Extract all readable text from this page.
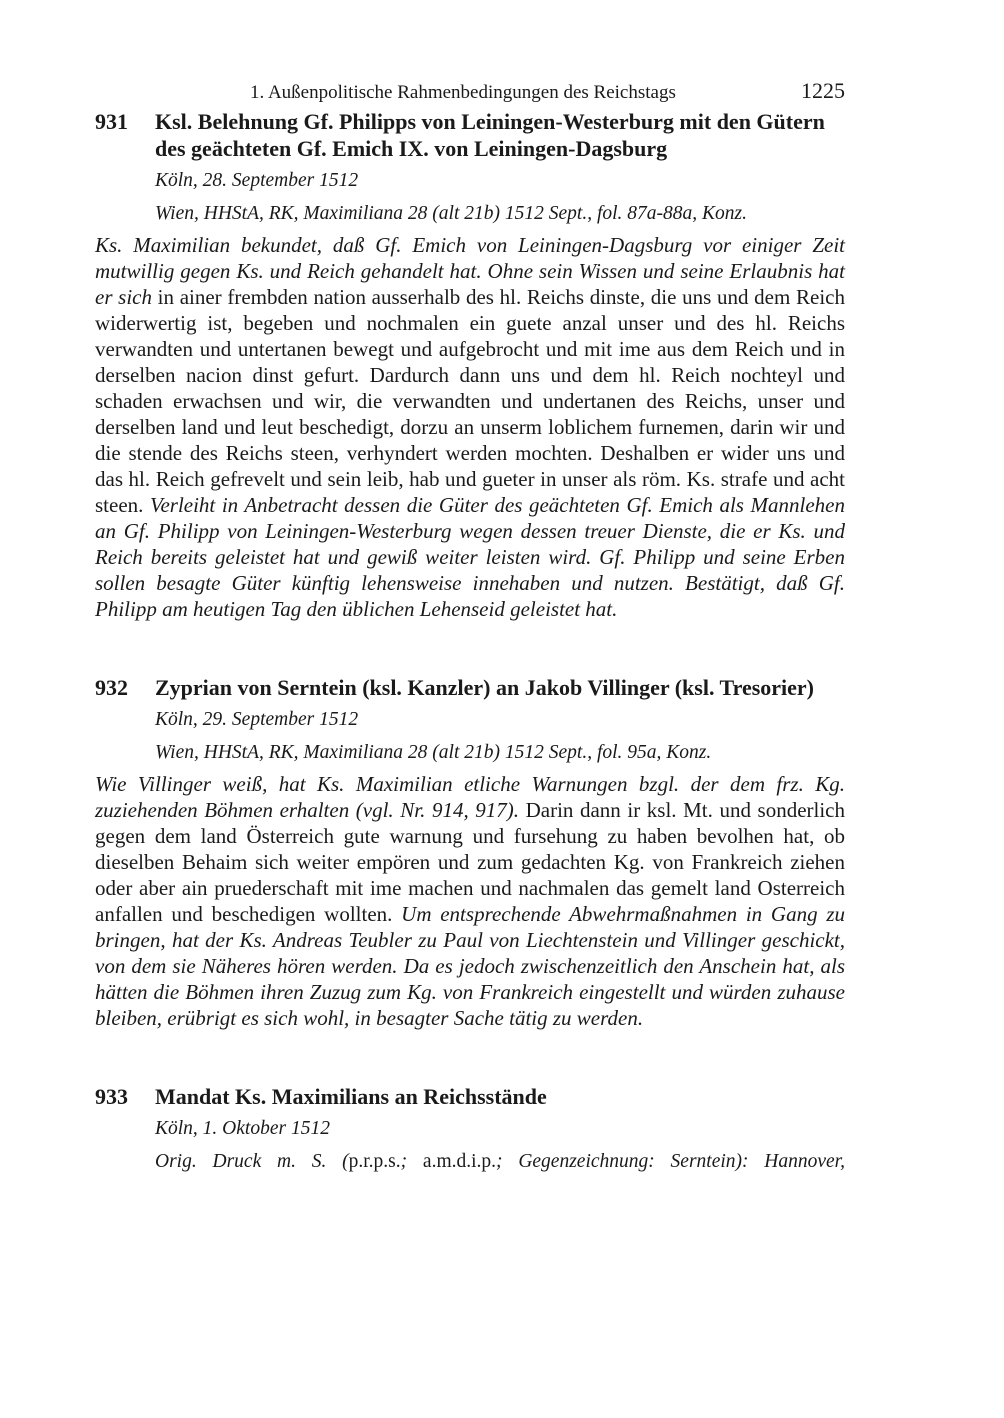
1. Außenpolitische Rahmenbedingungen des Reichstags	1225
931	Ksl. Belehnung Gf. Philipps von Leiningen-Westerburg mit den Gütern des geächteten Gf. Emich IX. von Leiningen-Dagsburg
Köln, 28. September 1512
Wien, HHStA, RK, Maximiliana 28 (alt 21b) 1512 Sept., fol. 87a-88a, Konz.

Ks. Maximilian bekundet, daß Gf. Emich von Leiningen-Dagsburg vor einiger Zeit mutwillig gegen Ks. und Reich gehandelt hat. Ohne sein Wissen und seine Erlaubnis hat er sich in ainer frembden nation ausserhalb des hl. Reichs dinste, die uns und dem Reich widerwertig ist, begeben und nochmalen ein guete anzal unser und des hl. Reichs verwandten und untertanen bewegt und aufgebrocht und mit ime aus dem Reich und in derselben nacion dinst gefurt. Dardurch dann uns und dem hl. Reich nochteyl und schaden erwachsen und wir, die verwandten und undertanen des Reichs, unser und derselben land und leut beschedigt, dorzu an unserm loblichem furnemen, darin wir und die stende des Reichs steen, verhyndert werden mochten. Deshalben er wider uns und das hl. Reich gefrevelt und sein leib, hab und gueter in unser als röm. Ks. strafe und acht steen. Verleiht in Anbetracht dessen die Güter des geächteten Gf. Emich als Mannlehen an Gf. Philipp von Leiningen-Westerburg wegen dessen treuer Dienste, die er Ks. und Reich bereits geleistet hat und gewiß weiter leisten wird. Gf. Philipp und seine Erben sollen besagte Güter künftig lehensweise innehaben und nutzen. Bestätigt, daß Gf. Philipp am heutigen Tag den üblichen Lehenseid geleistet hat.

932	Zyprian von Serntein (ksl. Kanzler) an Jakob Villinger (ksl. Tresorier)
Köln, 29. September 1512
Wien, HHStA, RK, Maximiliana 28 (alt 21b) 1512 Sept., fol. 95a, Konz.

Wie Villinger weiß, hat Ks. Maximilian etliche Warnungen bzgl. der dem frz. Kg. zuziehenden Böhmen erhalten (vgl. Nr. 914, 917). Darin dann ir ksl. Mt. und sonderlich gegen dem land Österreich gute warnung und fursehung zu haben bevolhen hat, ob dieselben Behaim sich weiter empören und zum gedachten Kg. von Frankreich ziehen oder aber ain pruederschaft mit ime machen und nachmalen das gemelt land Osterreich anfallen und beschedigen wollten. Um entsprechende Abwehrmaßnahmen in Gang zu bringen, hat der Ks. Andreas Teubler zu Paul von Liechtenstein und Villinger geschickt, von dem sie Näheres hören werden. Da es jedoch zwischenzeitlich den Anschein hat, als hätten die Böhmen ihren Zuzug zum Kg. von Frankreich eingestellt und würden zuhause bleiben, erübrigt es sich wohl, in besagter Sache tätig zu werden.

933	Mandat Ks. Maximilians an Reichsstände
Köln, 1. Oktober 1512
Orig. Druck m. S. (p.r.p.s.; a.m.d.i.p.; Gegenzeichnung: Serntein): Hannover,
